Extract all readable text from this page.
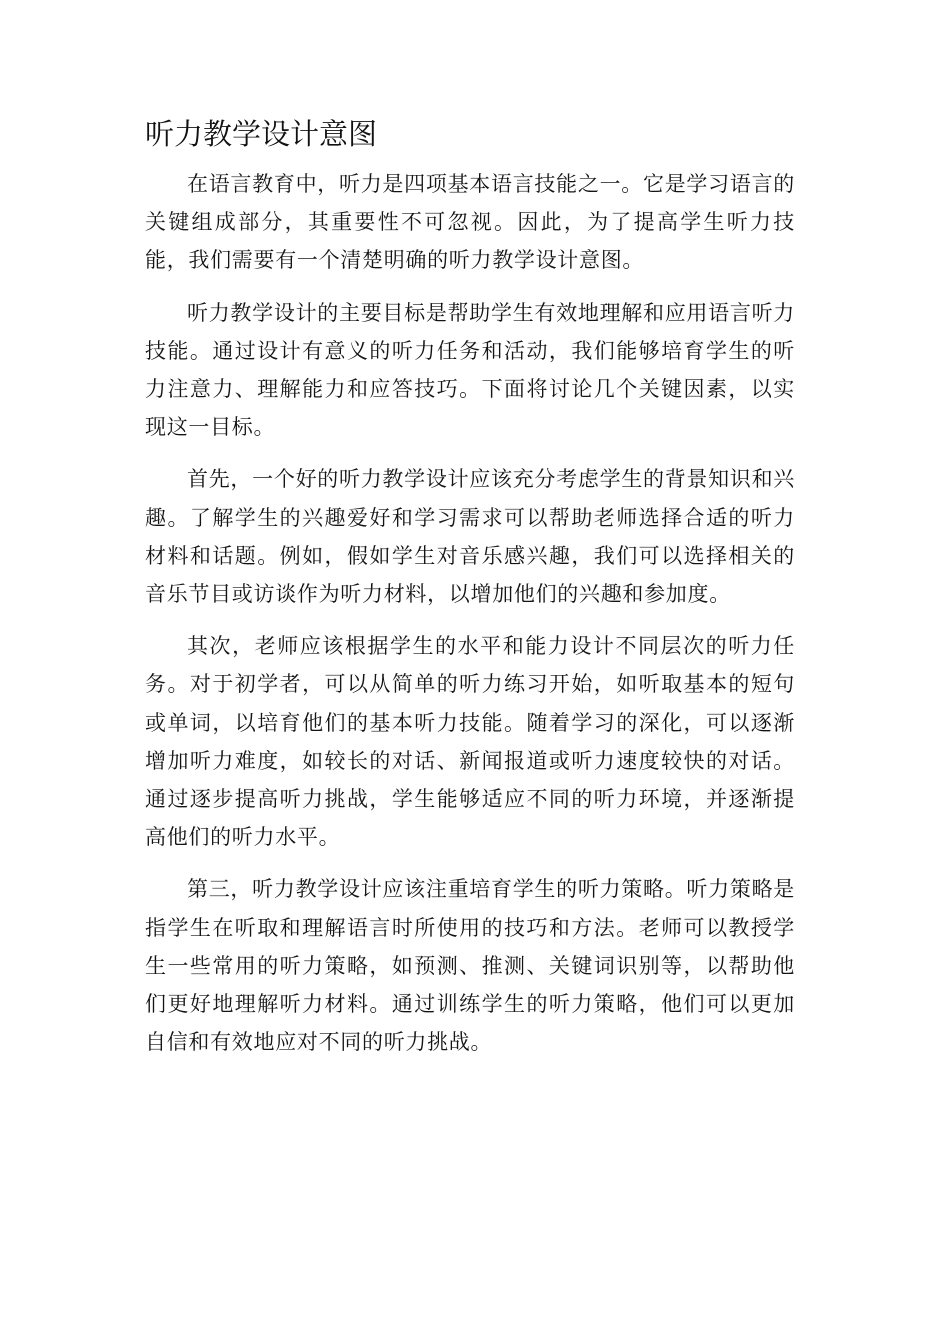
听力教学设计意图

在语言教育中，听力是四项基本语言技能之一。它是学习语言的关键组成部分，其重要性不可忽视。因此，为了提高学生听力技能，我们需要有一个清楚明确的听力教学设计意图。

听力教学设计的主要目标是帮助学生有效地理解和应用语言听力技能。通过设计有意义的听力任务和活动，我们能够培育学生的听力注意力、理解能力和应答技巧。下面将讨论几个关键因素，以实现这一目标。

首先，一个好的听力教学设计应该充分考虑学生的背景知识和兴趣。了解学生的兴趣爱好和学习需求可以帮助老师选择合适的听力材料和话题。例如，假如学生对音乐感兴趣，我们可以选择相关的音乐节目或访谈作为听力材料，以增加他们的兴趣和参加度。

其次，老师应该根据学生的水平和能力设计不同层次的听力任务。对于初学者，可以从简单的听力练习开始，如听取基本的短句或单词，以培育他们的基本听力技能。随着学习的深化，可以逐渐增加听力难度，如较长的对话、新闻报道或听力速度较快的对话。通过逐步提高听力挑战，学生能够适应不同的听力环境，并逐渐提高他们的听力水平。

第三，听力教学设计应该注重培育学生的听力策略。听力策略是指学生在听取和理解语言时所使用的技巧和方法。老师可以教授学生一些常用的听力策略，如预测、推测、关键词识别等，以帮助他们更好地理解听力材料。通过训练学生的听力策略，他们可以更加自信和有效地应对不同的听力挑战。
